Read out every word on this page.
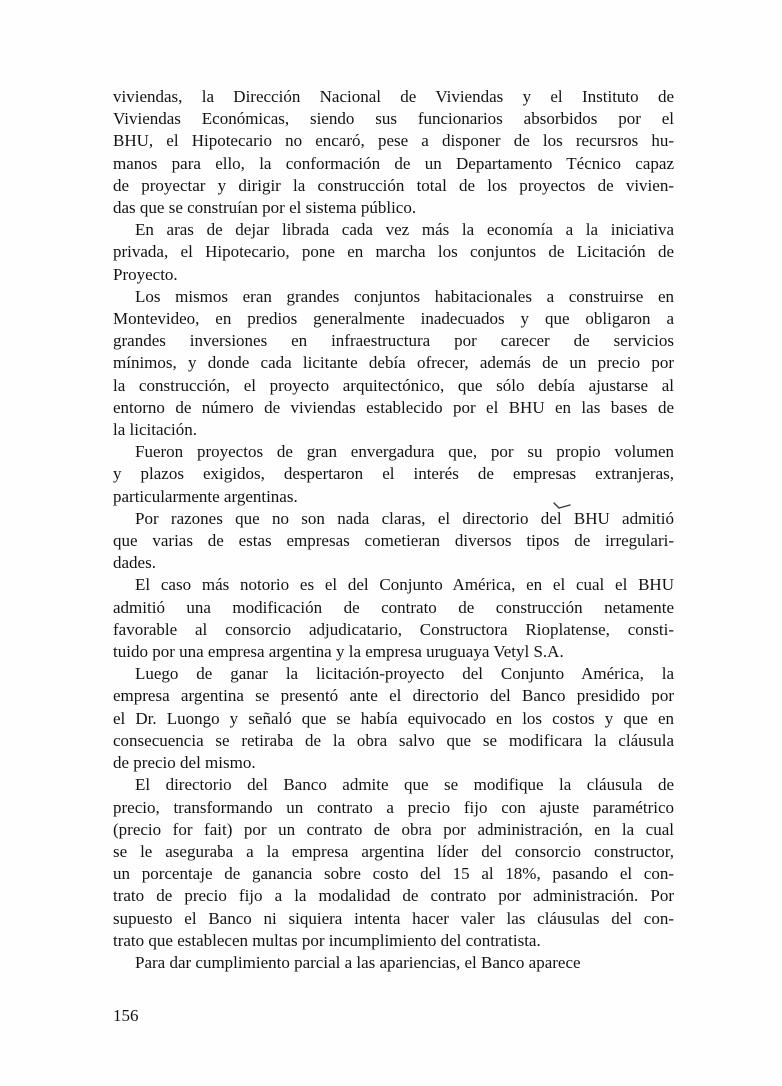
viviendas, la Dirección Nacional de Viviendas y el Instituto de
Viviendas Económicas, siendo sus funcionarios absorbidos por el
BHU, el Hipotecario no encaró, pese a disponer de los recursros hu-
manos para ello, la conformación de un Departamento Técnico capaz
de proyectar y dirigir la construcción total de los proyectos de vivien-
das que se construían por el sistema público.

En aras de dejar librada cada vez más la economía a la iniciativa
privada, el Hipotecario, pone en marcha los conjuntos de Licitación de
Proyecto.

Los mismos eran grandes conjuntos habitacionales a construirse en
Montevideo, en predios generalmente inadecuados y que obligaron a
grandes inversiones en infraestructura por carecer de servicios
mínimos, y donde cada licitante debía ofrecer, además de un precio por
la construcción, el proyecto arquitectónico, que sólo debía ajustarse al
entorno de número de viviendas establecido por el BHU en las bases de
la licitación.

Fueron proyectos de gran envergadura que, por su propio volumen
y plazos exigidos, despertaron el interés de empresas extranjeras,
particularmente argentinas.

Por razones que no son nada claras, el directorio del BHU admitió
que varias de estas empresas cometieran diversos tipos de irregulari-
dades.

El caso más notorio es el del Conjunto América, en el cual el BHU
admitió una modificación de contrato de construcción netamente
favorable al consorcio adjudicatario, Constructora Rioplatense, consti-
tuido por una empresa argentina y la empresa uruguaya Vetyl S.A.

Luego de ganar la licitación-proyecto del Conjunto América, la
empresa argentina se presentó ante el directorio del Banco presidido por
el Dr. Luongo y señaló que se había equivocado en los costos y que en
consecuencia se retiraba de la obra salvo que se modificara la cláusula
de precio del mismo.

El directorio del Banco admite que se modifique la cláusula de
precio, transformando un contrato a precio fijo con ajuste paramétrico
(precio for fait) por un contrato de obra por administración, en la cual
se le aseguraba a la empresa argentina líder del consorcio constructor,
un porcentaje de ganancia sobre costo del 15 al 18%, pasando el con-
trato de precio fijo a la modalidad de contrato por administración. Por
supuesto el Banco ni siquiera intenta hacer valer las cláusulas del con-
trato que establecen multas por incumplimiento del contratista.

Para dar cumplimiento parcial a las apariencias, el Banco aparece

156
